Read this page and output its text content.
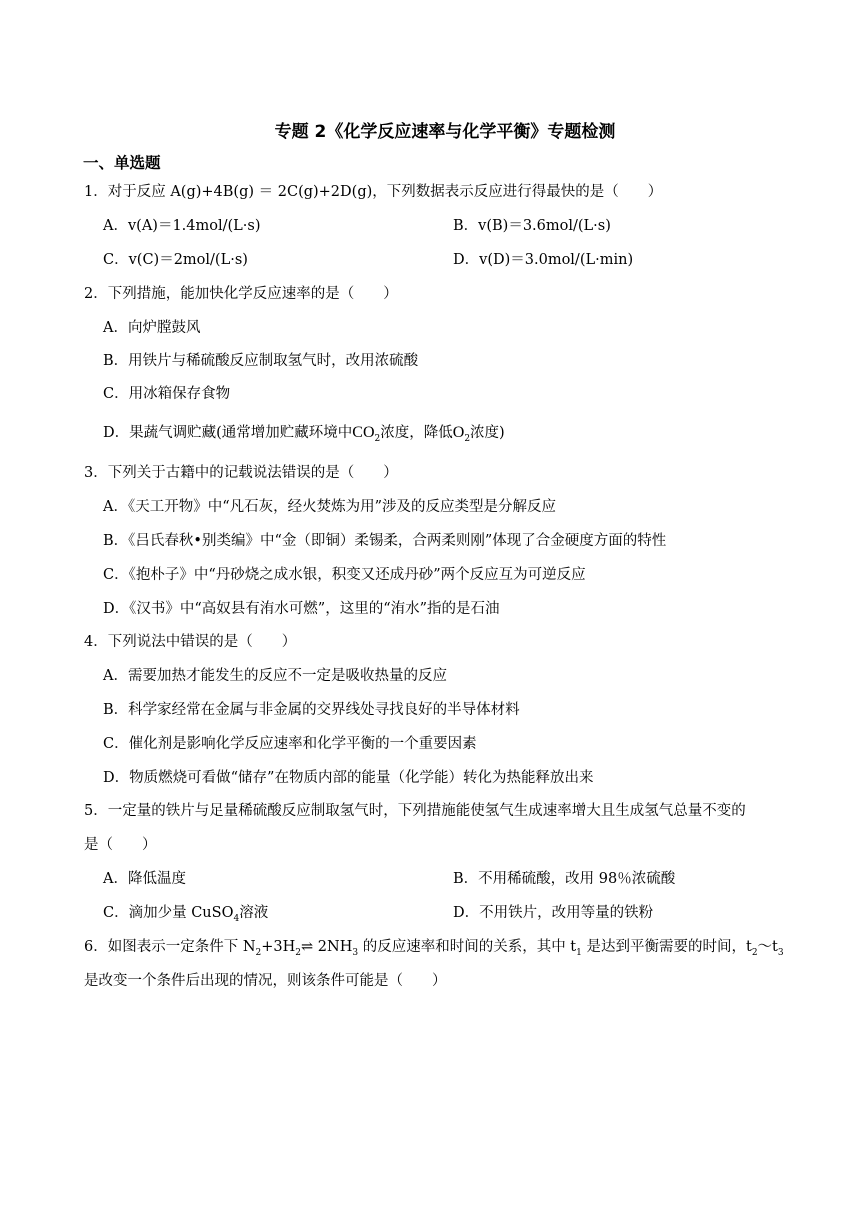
专题 2《化学反应速率与化学平衡》专题检测
一、单选题
1．对于反应 A(g)+4B(g) ＝ 2C(g)+2D(g)，下列数据表示反应进行得最快的是（　　）
A．v(A)＝1.4mol/(L·s)	B．v(B)＝3.6mol/(L·s)
C．v(C)＝2mol/(L·s)	D．v(D)＝3.0mol/(L·min)
2．下列措施，能加快化学反应速率的是（　　）
A．向炉膛鼓风
B．用铁片与稀硫酸反应制取氢气时，改用浓硫酸
C．用冰箱保存食物
D．果蔬气调贮藏(通常增加贮藏环境中$CO_2$浓度，降低$O_2$浓度)
3．下列关于古籍中的记载说法错误的是（　　）
A．《天工开物》中“凡石灰，经火焚炼为用”涉及的反应类型是分解反应
B．《吕氏春秋•别类编》中“金（即铜）柔锡柔，合两柔则刚”体现了合金硬度方面的特性
C．《抱朴子》中“丹砂烧之成水银，积变又还成丹砂”两个反应互为可逆反应
D．《汉书》中“高奴县有洧水可燃”，这里的“洧水”指的是石油
4．下列说法中错误的是（　　）
A．需要加热才能发生的反应不一定是吸收热量的反应
B．科学家经常在金属与非金属的交界线处寻找良好的半导体材料
C．催化剂是影响化学反应速率和化学平衡的一个重要因素
D．物质燃烧可看做“储存”在物质内部的能量（化学能）转化为热能释放出来
5．一定量的铁片与足量稀硫酸反应制取氢气时，下列措施能使氢气生成速率增大且生成氢气总量不变的
是（　　）
A．降低温度	B．不用稀硫酸，改用 98％浓硫酸
C．滴加少量 CuSO$_4$溶液	D．不用铁片，改用等量的铁粉
6．如图表示一定条件下 $N_2+3H_2\rightleftharpoons$ $2NH_3$ 的反应速率和时间的关系，其中 $t_1$ 是达到平衡需要的时间，$t_2\sim t_3$
是改变一个条件后出现的情况，则该条件可能是（　　）
